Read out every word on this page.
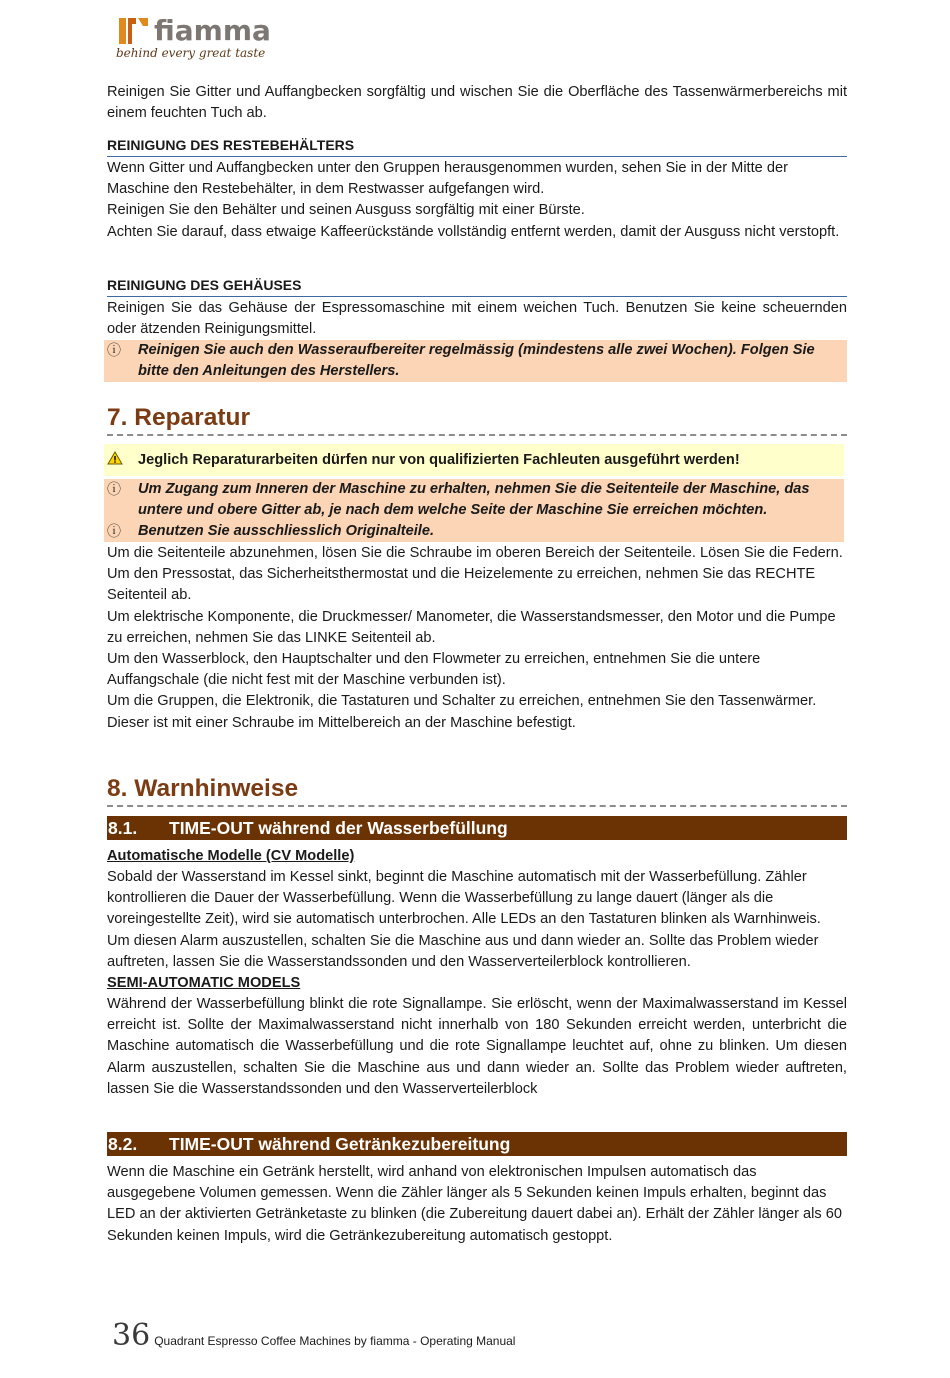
fiamma
behind every great taste

Reinigen Sie Gitter und Auffangbecken sorgfältig und wischen Sie die Oberfläche des Tassenwärmerbereichs mit einem feuchten Tuch ab.

REINIGUNG DES RESTEBEHÄLTERS

Wenn Gitter und Auffangbecken unter den Gruppen herausgenommen wurden, sehen Sie in der Mitte der Maschine den Restebehälter, in dem Restwasser aufgefangen wird.

Reinigen Sie den Behälter und seinen Ausguss sorgfältig mit einer Bürste.

Achten Sie darauf, dass etwaige Kaffeerückstände vollständig entfernt werden, damit der Ausguss nicht verstopft.

REINIGUNG DES GEHÄUSES

Reinigen Sie das Gehäuse der Espressomaschine mit einem weichen Tuch. Benutzen Sie keine scheuernden oder ätzenden Reinigungsmittel.

ⓘ	Reinigen Sie auch den Wasseraufbereiter regelmässig (mindestens alle zwei Wochen). Folgen Sie bitte den Anleitungen des Herstellers.
7. Reparatur
Jeglich Reparaturarbeiten dürfen nur von qualifizierten Fachleuten ausgeführt werden!
ⓘ	Um Zugang zum Inneren der Maschine zu erhalten, nehmen Sie die Seitenteile der Maschine, das untere und obere Gitter ab, je nach dem welche Seite der Maschine Sie erreichen möchten.
ⓘ	Benutzen Sie ausschliesslich Originalteile.

Um die Seitenteile abzunehmen, lösen Sie die Schraube im oberen Bereich der Seitenteile. Lösen Sie die Federn.

Um den Pressostat, das Sicherheitsthermostat und die Heizelemente zu erreichen, nehmen Sie das RECHTE Seitenteil ab.

Um elektrische Komponente, die Druckmesser/ Manometer, die Wasserstandsmesser, den Motor und die Pumpe zu erreichen, nehmen Sie das LINKE Seitenteil ab.

Um den Wasserblock, den Hauptschalter und den Flowmeter zu erreichen, entnehmen Sie die untere Auffangschale (die nicht fest mit der Maschine verbunden ist).

Um die Gruppen, die Elektronik, die Tastaturen und Schalter zu erreichen, entnehmen Sie den Tassenwärmer. Dieser ist mit einer Schraube im Mittelbereich an der Maschine befestigt.

8. Warnhinweise
8.1.	TIME-OUT während der Wasserbefüllung

Automatische Modelle (CV Modelle)

Sobald der Wasserstand im Kessel sinkt, beginnt die Maschine automatisch mit der Wasserbefüllung. Zähler kontrollieren die Dauer der Wasserbefüllung. Wenn die Wasserbefüllung zu lange dauert (länger als die voreingestellte Zeit), wird sie automatisch unterbrochen. Alle LEDs an den Tastaturen blinken als Warnhinweis. Um diesen Alarm auszustellen, schalten Sie die Maschine aus und dann wieder an. Sollte das Problem wieder auftreten, lassen Sie die Wasserstandssonden und den Wasserverteilerblock kontrollieren.

SEMI-AUTOMATIC MODELS

Während der Wasserbefüllung blinkt die rote Signallampe. Sie erlöscht, wenn der Maximalwasserstand im Kessel erreicht ist. Sollte der Maximalwasserstand nicht innerhalb von 180 Sekunden erreicht werden, unterbricht die Maschine automatisch die Wasserbefüllung und die rote Signallampe leuchtet auf, ohne zu blinken. Um diesen Alarm auszustellen, schalten Sie die Maschine aus und dann wieder an. Sollte das Problem wieder auftreten, lassen Sie die Wasserstandssonden und den Wasserverteilerblock

8.2.	TIME-OUT während Getränkezubereitung

Wenn die Maschine ein Getränk herstellt, wird anhand von elektronischen Impulsen automatisch das ausgegebene Volumen gemessen. Wenn die Zähler länger als 5 Sekunden keinen Impuls erhalten, beginnt das LED an der aktivierten Getränketaste zu blinken (die Zubereitung dauert dabei an). Erhält der Zähler länger als 60 Sekunden keinen Impuls, wird die Getränkezubereitung automatisch gestoppt.

36 Quadrant Espresso Coffee Machines by fiamma - Operating Manual
